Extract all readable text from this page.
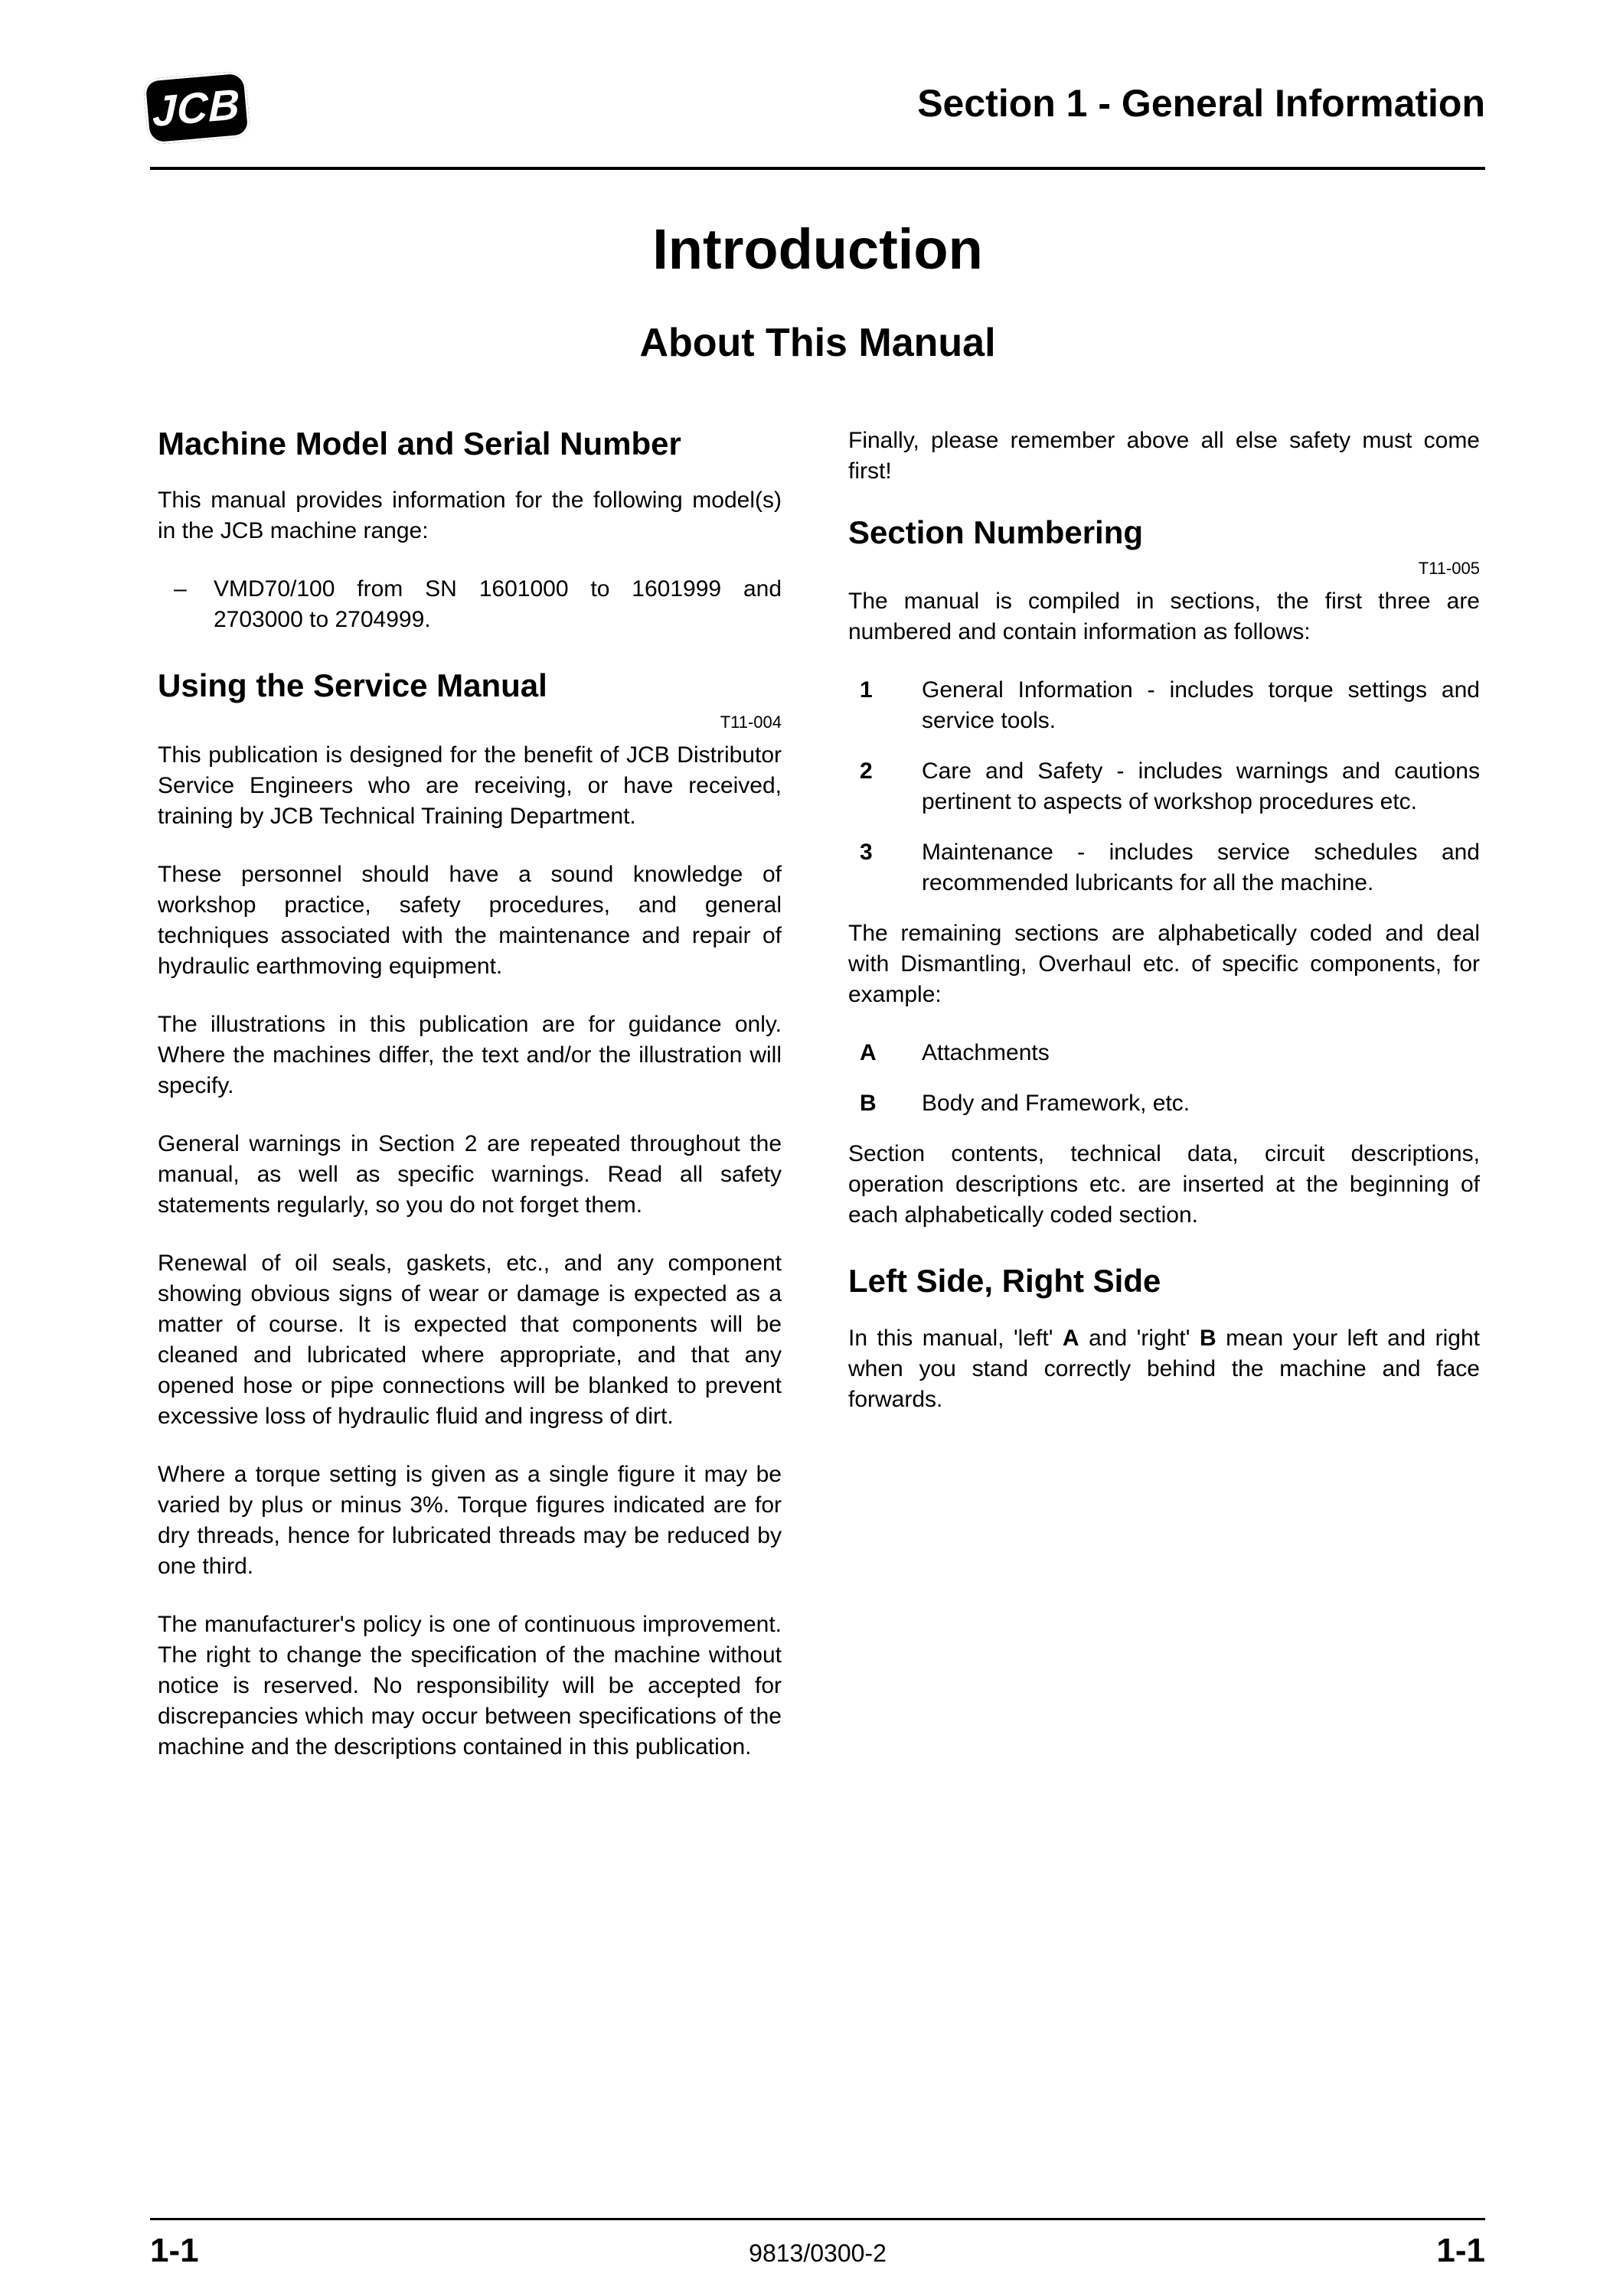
JCB	Section 1 - General Information
Introduction
About This Manual
Machine Model and Serial Number

This manual provides information for the following model(s) in the JCB machine range:

–	VMD70/100 from SN 1601000 to 1601999 and 2703000 to 2704999.
Using the Service Manual
T11-004

This publication is designed for the benefit of JCB Distributor Service Engineers who are receiving, or have received, training by JCB Technical Training Department.

These personnel should have a sound knowledge of workshop practice, safety procedures, and general techniques associated with the maintenance and repair of hydraulic earthmoving equipment.

The illustrations in this publication are for guidance only. Where the machines differ, the text and/or the illustration will specify.

General warnings in Section 2 are repeated throughout the manual, as well as specific warnings. Read all safety statements regularly, so you do not forget them.

Renewal of oil seals, gaskets, etc., and any component showing obvious signs of wear or damage is expected as a matter of course. It is expected that components will be cleaned and lubricated where appropriate, and that any opened hose or pipe connections will be blanked to prevent excessive loss of hydraulic fluid and ingress of dirt.

Where a torque setting is given as a single figure it may be varied by plus or minus 3%. Torque figures indicated are for dry threads, hence for lubricated threads may be reduced by one third.

The manufacturer's policy is one of continuous improvement. The right to change the specification of the machine without notice is reserved. No responsibility will be accepted for discrepancies which may occur between specifications of the machine and the descriptions contained in this publication.

Finally, please remember above all else safety must come first!

Section Numbering
T11-005

The manual is compiled in sections, the first three are numbered and contain information as follows:

1	General Information - includes torque settings and service tools.
2	Care and Safety - includes warnings and cautions pertinent to aspects of workshop procedures etc.
3	Maintenance - includes service schedules and recommended lubricants for all the machine.

The remaining sections are alphabetically coded and deal with Dismantling, Overhaul etc. of specific components, for example:

A	Attachments
B	Body and Framework, etc.

Section contents, technical data, circuit descriptions, operation descriptions etc. are inserted at the beginning of each alphabetically coded section.

Left Side, Right Side

In this manual, 'left' A and 'right' B mean your left and right when you stand correctly behind the machine and face forwards.

1-1	9813/0300-2	1-1
